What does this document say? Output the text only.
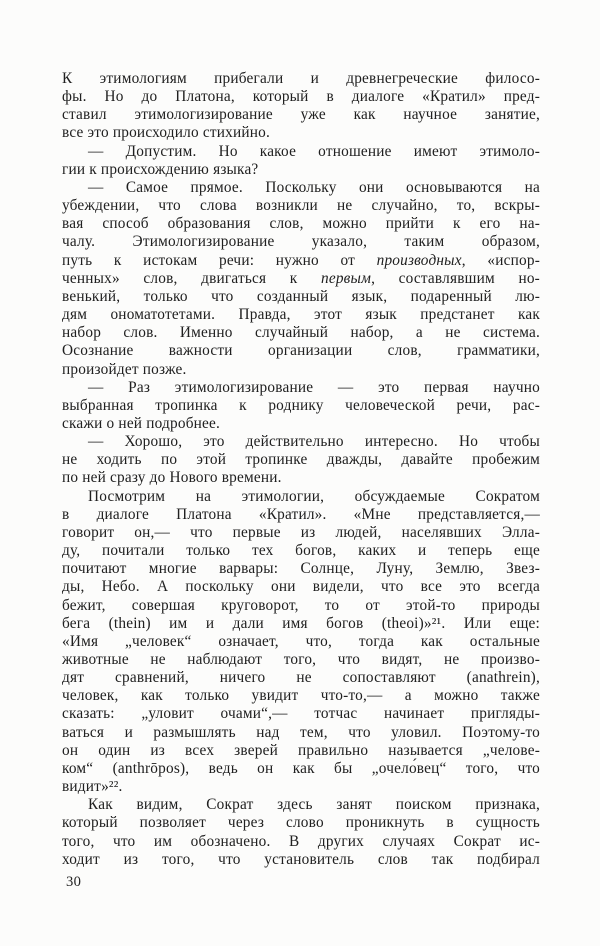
К этимологиям прибегали и древнегреческие филосо-
фы. Но до Платона, который в диалоге «Кратил» пред-
ставил этимологизирование уже как научное занятие,
все это происходило стихийно.
— Допустим. Но какое отношение имеют этимоло-
гии к происхождению языка?
— Самое прямое. Поскольку они основываются на
убеждении, что слова возникли не случайно, то, вскры-
вая способ образования слов, можно прийти к его на-
чалу. Этимологизирование указало, таким образом,
путь к истокам речи: нужно от производных, «испор-
ченных» слов, двигаться к первым, составлявшим но-
венький, только что созданный язык, подаренный лю-
дям ономатотетами. Правда, этот язык предстанет как
набор слов. Именно случайный набор, а не система.
Осознание важности организации слов, грамматики,
произойдет позже.
— Раз этимологизирование — это первая научно
выбранная тропинка к роднику человеческой речи, рас-
скажи о ней подробнее.
— Хорошо, это действительно интересно. Но чтобы
не ходить по этой тропинке дважды, давайте пробежим
по ней сразу до Нового времени.
Посмотрим на этимологии, обсуждаемые Сократом
в диалоге Платона «Кратил». «Мне представляется,—
говорит он,— что первые из людей, населявших Элла-
ду, почитали только тех богов, каких и теперь еще
почитают многие варвары: Солнце, Луну, Землю, Звез-
ды, Небо. А поскольку они видели, что все это всегда
бежит, совершая круговорот, то от этой-то природы
бега (thein) им и дали имя богов (theoi)»²¹. Или еще:
«Имя „человек“ означает, что, тогда как остальные
животные не наблюдают того, что видят, не произво-
дят сравнений, ничего не сопоставляют (anathrein),
человек, как только увидит что-то,— а можно также
сказать: „уловит очами“,— тотчас начинает пригляды-
ваться и размышлять над тем, что уловил. Поэтому-то
он один из всех зверей правильно называется „челове-
ком“ (anthrōpos), ведь он как бы „очело́вец“ того, что
видит»²².
Как видим, Сократ здесь занят поиском признака,
который позволяет через слово проникнуть в сущность
того, что им обозначено. В других случаях Сократ ис-
ходит из того, что установитель слов так подбирал
30
